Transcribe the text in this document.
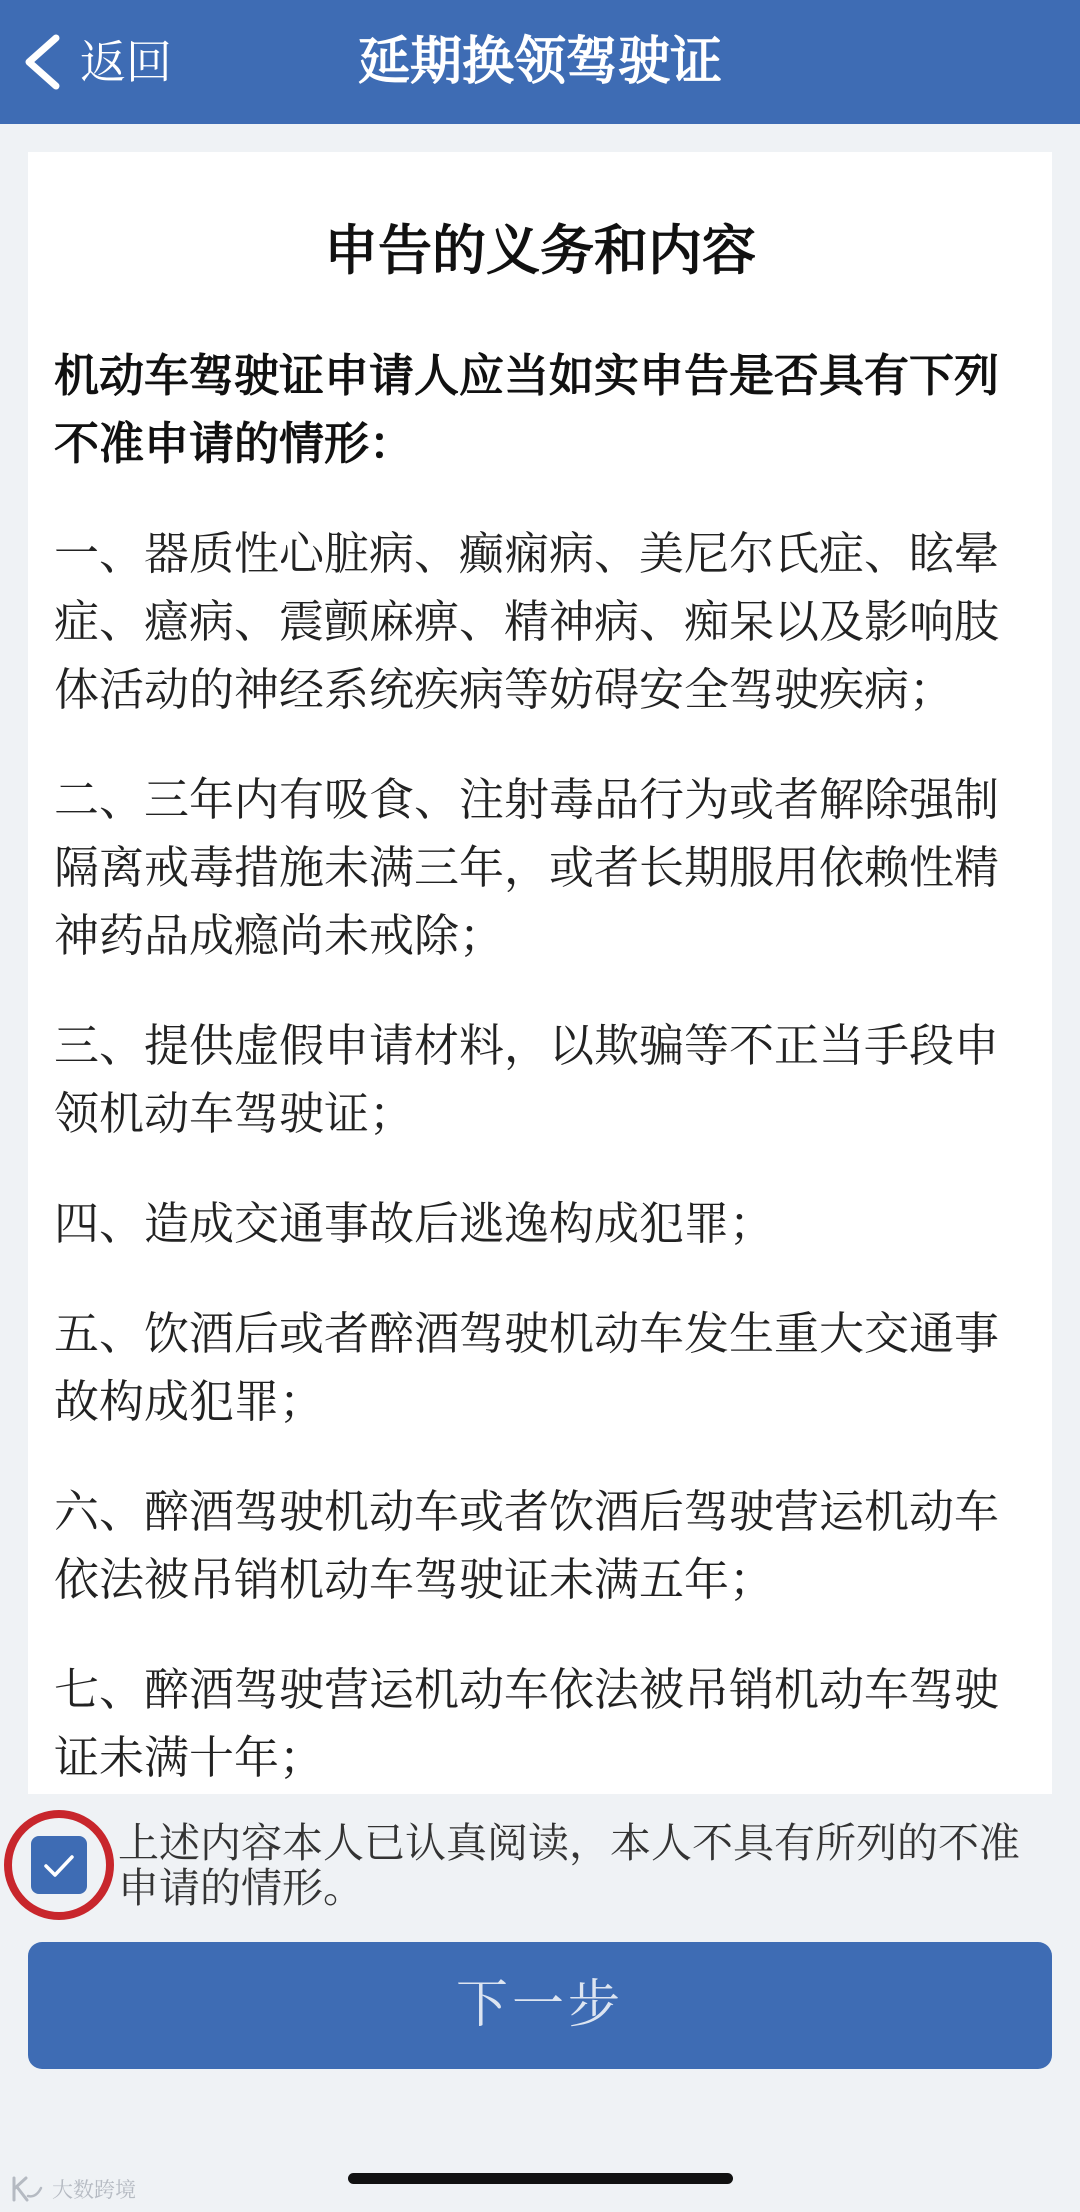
返回	延期换领驾驶证
申告的义务和内容

机动车驾驶证申请人应当如实申告是否具有下列不准申请的情形：

一、器质性心脏病、癫痫病、美尼尔氏症、眩晕症、癔病、震颤麻痹、精神病、痴呆以及影响肢体活动的神经系统疾病等妨碍安全驾驶疾病；

二、三年内有吸食、注射毒品行为或者解除强制隔离戒毒措施未满三年，或者长期服用依赖性精神药品成瘾尚未戒除；

三、提供虚假申请材料，以欺骗等不正当手段申领机动车驾驶证；

四、造成交通事故后逃逸构成犯罪；

五、饮酒后或者醉酒驾驶机动车发生重大交通事故构成犯罪；

六、醉酒驾驶机动车或者饮酒后驾驶营运机动车依法被吊销机动车驾驶证未满五年；

七、醉酒驾驶营运机动车依法被吊销机动车驾驶证未满十年；

上述内容本人已认真阅读，本人不具有所列的不准申请的情形。
下一步
大数跨境
